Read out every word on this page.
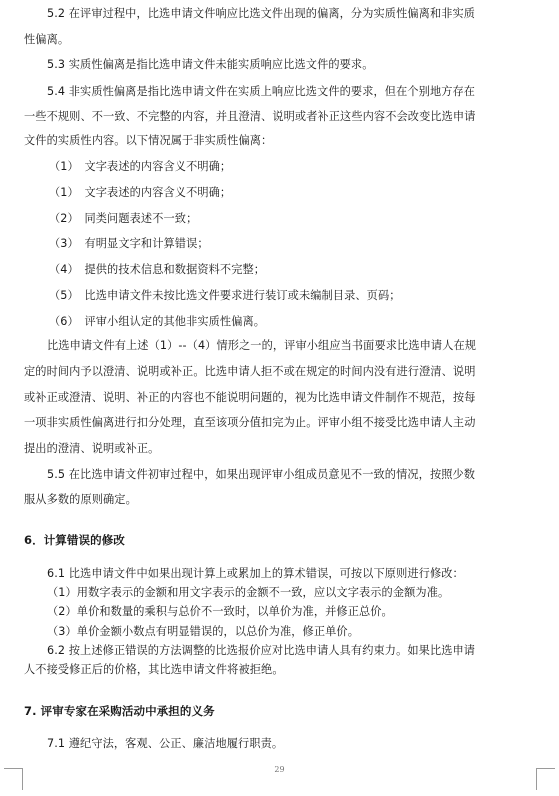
5.2 在评审过程中，比选申请文件响应比选文件出现的偏离，分为实质性偏离和非实质
性偏离。
5.3 实质性偏离是指比选申请文件未能实质响应比选文件的要求。
5.4 非实质性偏离是指比选申请文件在实质上响应比选文件的要求，但在个别地方存在
一些不规则、不一致、不完整的内容，并且澄清、说明或者补正这些内容不会改变比选申请
文件的实质性内容。以下情况属于非实质性偏离：
（1）　文字表述的内容含义不明确；
（1）　文字表述的内容含义不明确；
（2）　同类问题表述不一致；
（3）　有明显文字和计算错误；
（4）　提供的技术信息和数据资料不完整；
（5）　比选申请文件未按比选文件要求进行装订或未编制目录、页码；
（6）　评审小组认定的其他非实质性偏离。
比选申请文件有上述（1）--（4）情形之一的，评审小组应当书面要求比选申请人在规
定的时间内予以澄清、说明或补正。比选申请人拒不或在规定的时间内没有进行澄清、说明
或补正或澄清、说明、补正的内容也不能说明问题的，视为比选申请文件制作不规范，按每
一项非实质性偏离进行扣分处理，直至该项分值扣完为止。评审小组不接受比选申请人主动
提出的澄清、说明或补正。
5.5 在比选申请文件初审过程中，如果出现评审小组成员意见不一致的情况，按照少数
服从多数的原则确定。
6．计算错误的修改
6.1 比选申请文件中如果出现计算上或累加上的算术错误，可按以下原则进行修改：
（1）用数字表示的金额和用文字表示的金额不一致，应以文字表示的金额为准。
（2）单价和数量的乘积与总价不一致时，以单价为准，并修正总价。
（3）单价金额小数点有明显错误的，以总价为准，修正单价。
6.2 按上述修正错误的方法调整的比选报价应对比选申请人具有约束力。如果比选申请
人不接受修正后的价格，其比选申请文件将被拒绝。
7. 评审专家在采购活动中承担的义务
7.1 遵纪守法，客观、公正、廉洁地履行职责。
29
